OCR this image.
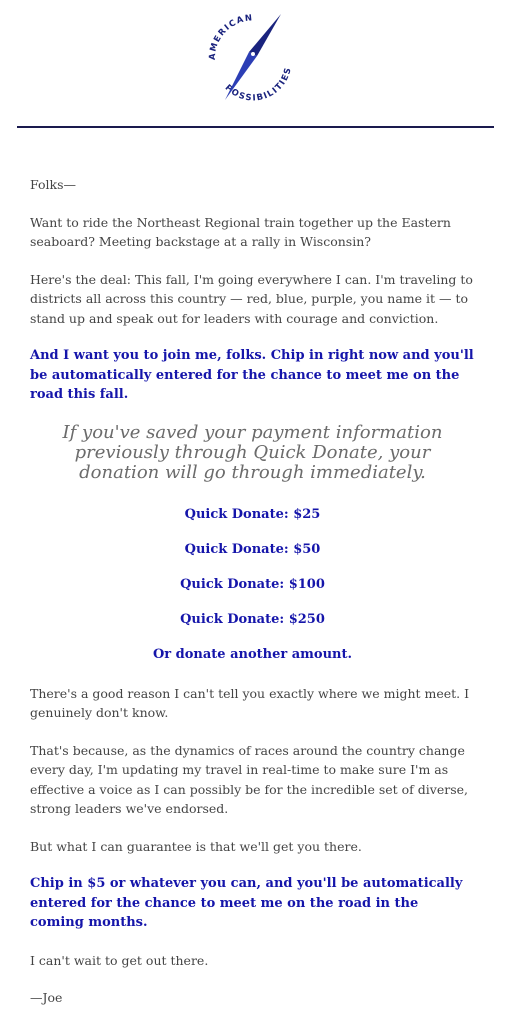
AMERICAN
POSSIBILITIES

Folks—

Want to ride the Northeast Regional train together up the Eastern seaboard? Meeting backstage at a rally in Wisconsin?

Here's the deal: This fall, I'm going everywhere I can. I'm traveling to districts all across this country — red, blue, purple, you name it — to stand up and speak out for leaders with courage and conviction.

And I want you to join me, folks. Chip in right now and you'll be automatically entered for the chance to meet me on the road this fall.

If you've saved your payment information previously through Quick Donate, your donation will go through immediately.

Quick Donate: $25
Quick Donate: $50
Quick Donate: $100
Quick Donate: $250
Or donate another amount.

There's a good reason I can't tell you exactly where we might meet. I genuinely don't know.

That's because, as the dynamics of races around the country change every day, I'm updating my travel in real-time to make sure I'm as effective a voice as I can possibly be for the incredible set of diverse, strong leaders we've endorsed.

But what I can guarantee is that we'll get you there.

Chip in $5 or whatever you can, and you'll be automatically entered for the chance to meet me on the road in the coming months.

I can't wait to get out there.

—Joe
